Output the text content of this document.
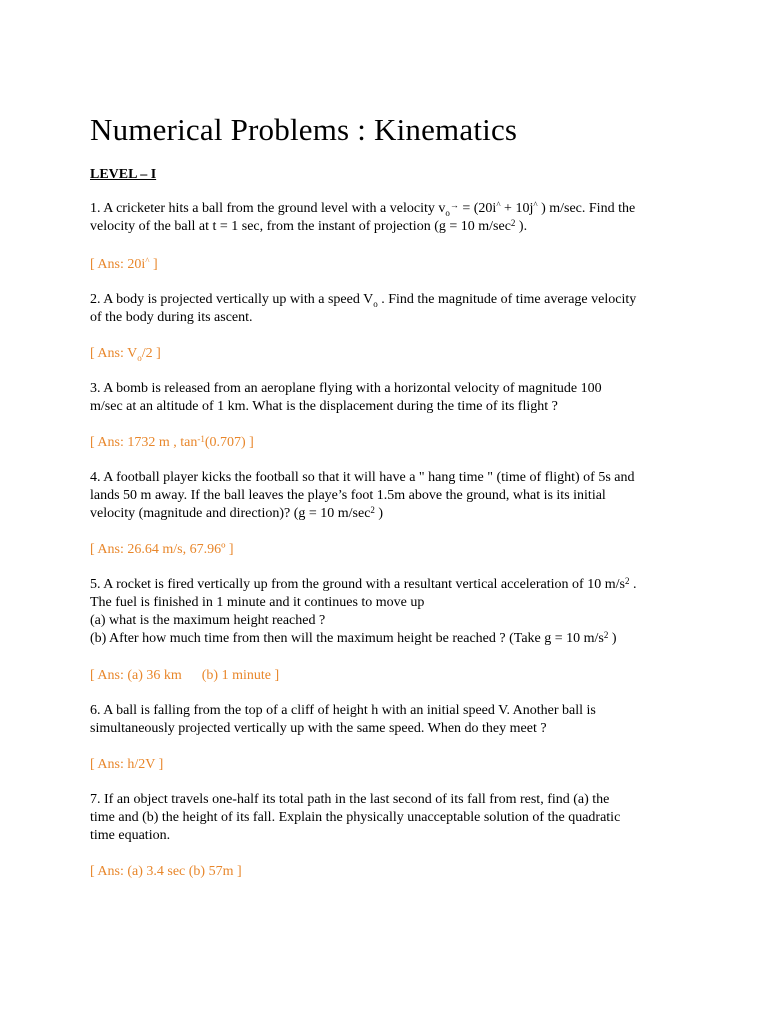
Numerical Problems : Kinematics

LEVEL – I

1. A cricketer hits a ball from the ground level with a velocity $v_o^\to = (20i^{\^{}} + 10j^{\^{}}$ ) m/sec. Find the
velocity of the ball at t = 1 sec, from the instant of projection (g = 10 $m/\sec^2$ ).

[ Ans: 20i^ ]

2. A body is projected vertically up with a speed $V_o$ . Find the magnitude of time average velocity
of the body during its ascent.

[ Ans: $V_o/2$ ]

3. A bomb is released from an aeroplane flying with a horizontal velocity of magnitude 100
m/sec at an altitude of 1 km. What is the displacement during the time of its flight ?

[ Ans: 1732 m , $\tan^{-1}(0.707)$ ]

4. A football player kicks the football so that it will have a " hang time " (time of flight) of 5s and
lands 50 m away. If the ball leaves the playe’s foot 1.5m above the ground, what is its initial
velocity (magnitude and direction)? (g = 10 $m/\sec^2$ )

[ Ans: 26.64 m/s, 67.96º ]

5. A rocket is fired vertically up from the ground with a resultant vertical acceleration of 10 $m/s^2$ .
The fuel is finished in 1 minute and it continues to move up
(a) what is the maximum height reached ?
(b) After how much time from then will the maximum height be reached ? (Take g = 10 $m/s^2$ )

[ Ans: (a) 36 km (b) 1 minute ]

6. A ball is falling from the top of a cliff of height h with an initial speed V. Another ball is
simultaneously projected vertically up with the same speed. When do they meet ?

[ Ans: h/2V ]

7. If an object travels one-half its total path in the last second of its fall from rest, find (a) the
time and (b) the height of its fall. Explain the physically unacceptable solution of the quadratic
time equation.

[ Ans: (a) 3.4 sec (b) 57m ]
